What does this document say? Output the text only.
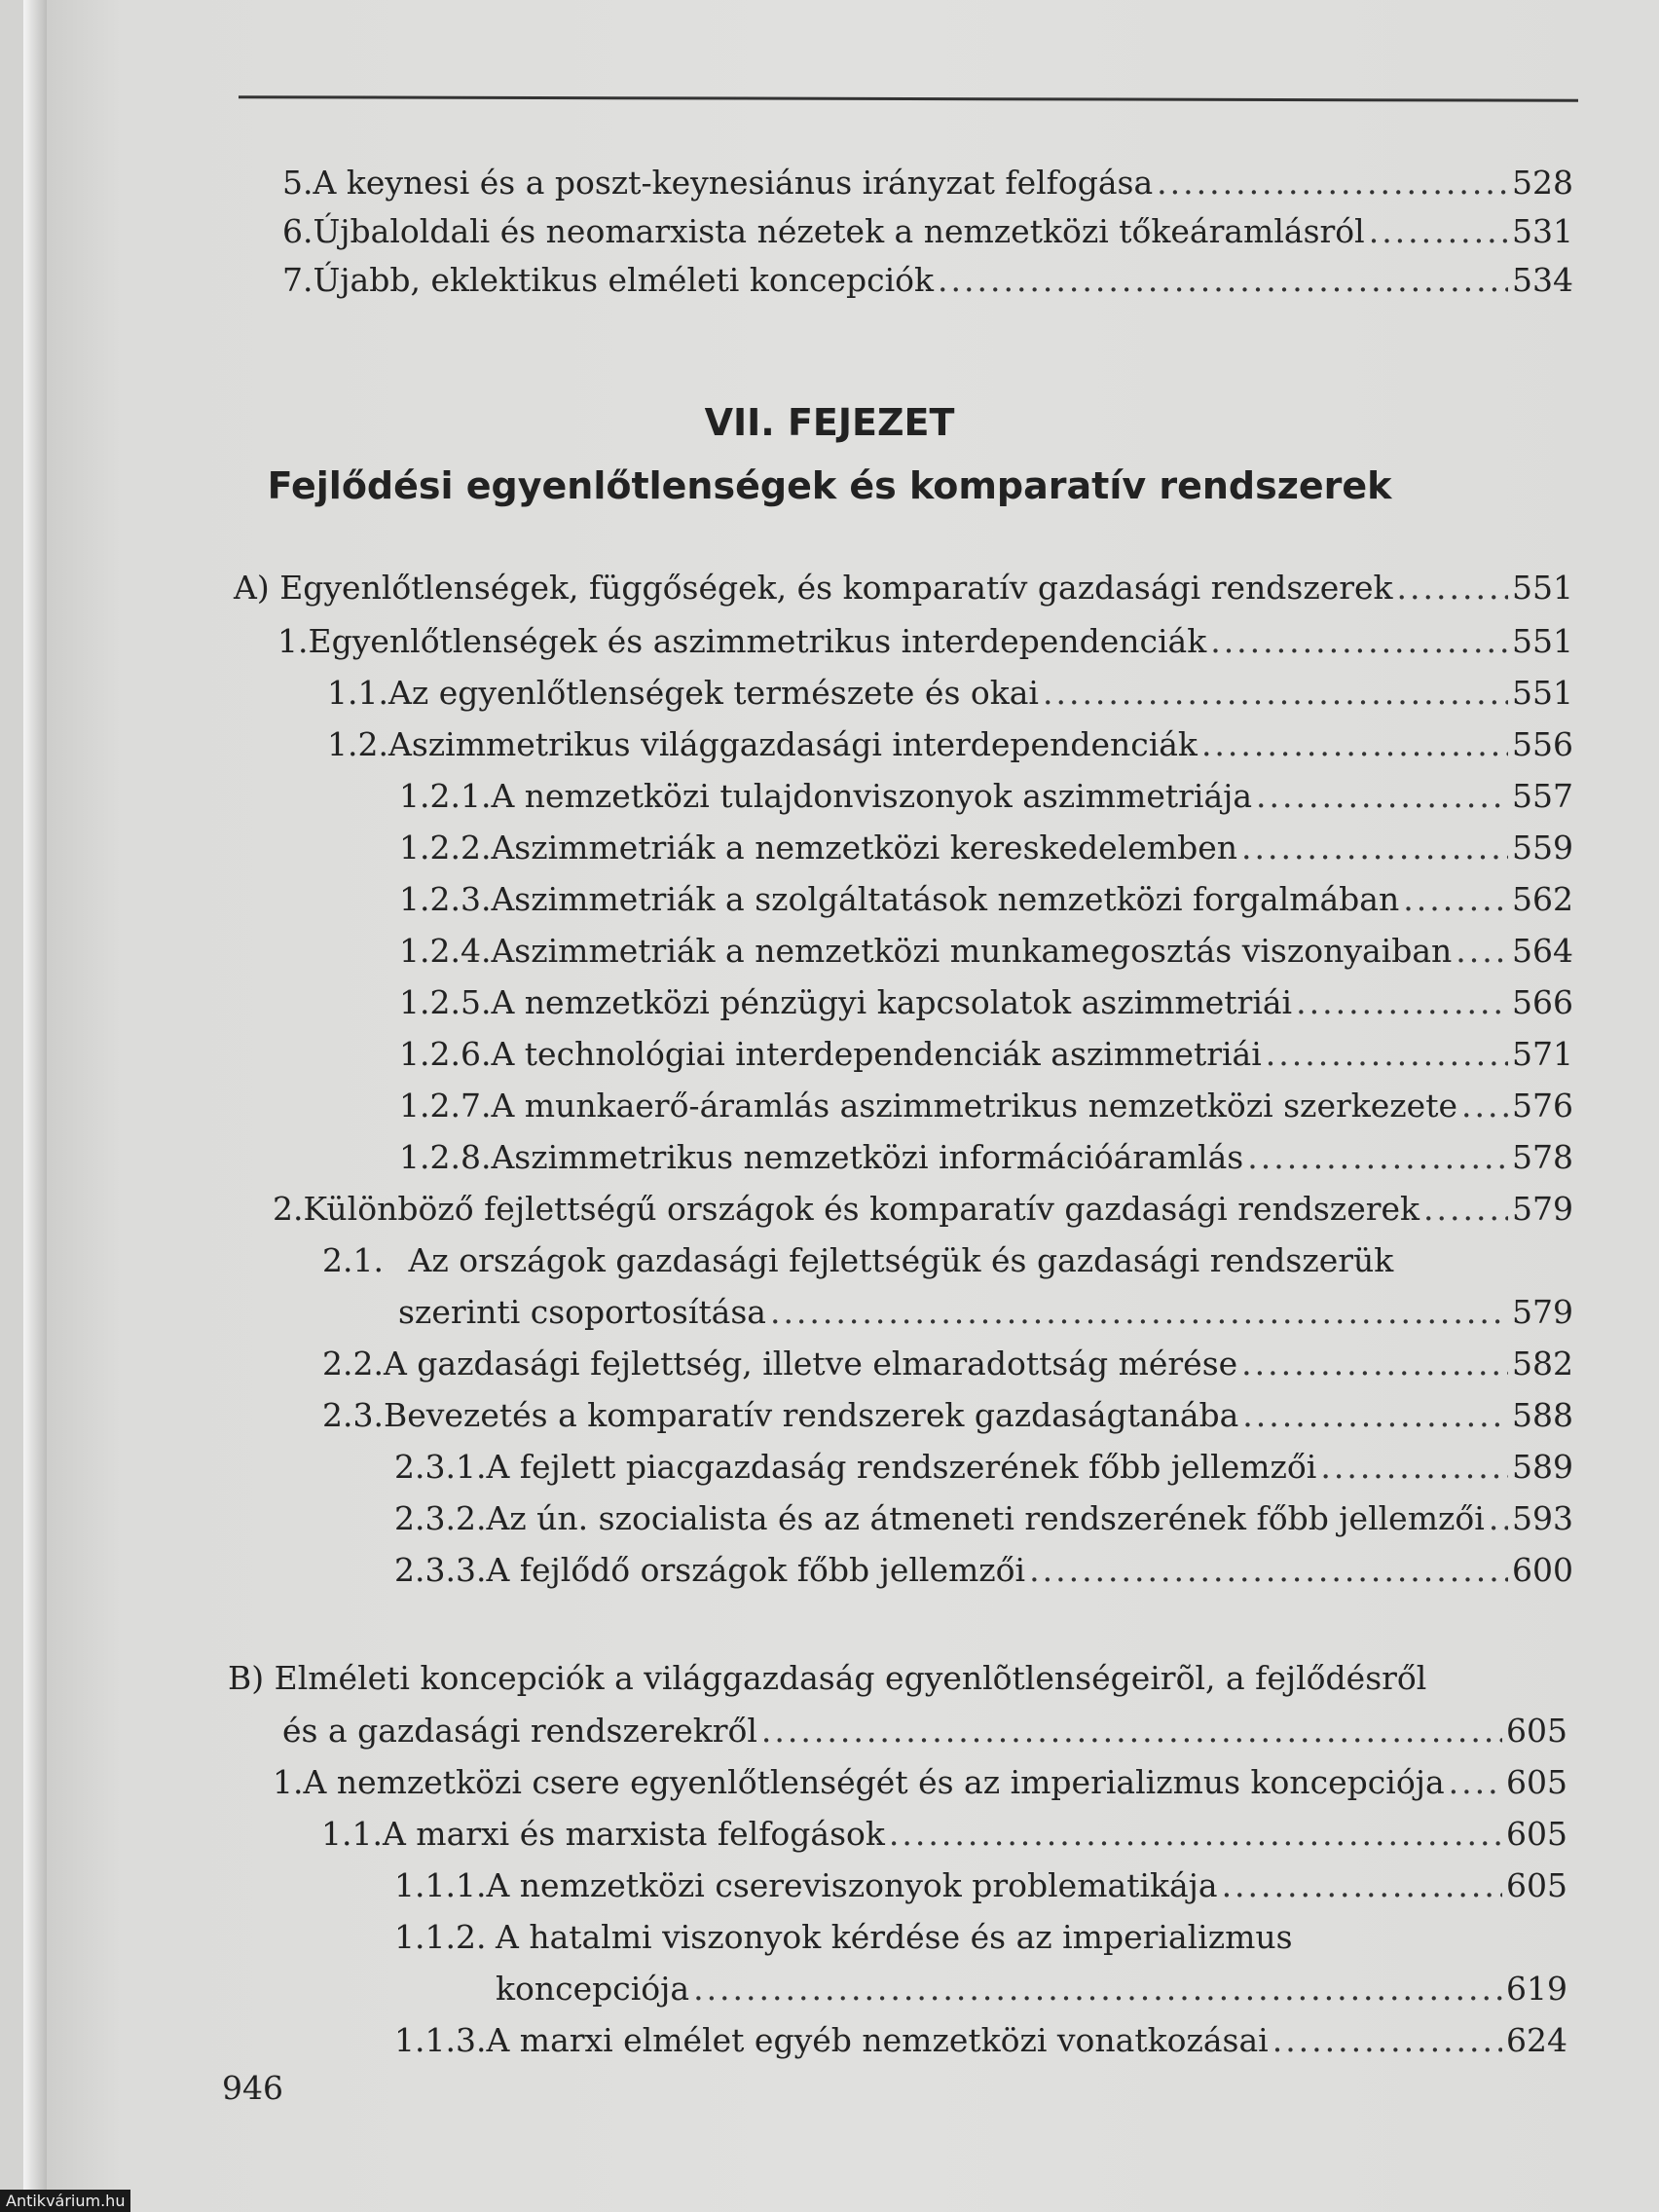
5. A keynesi és a poszt-keynesiánus irányzat felfogása .....	528
6. Újbaloldali és neomarxista nézetek a nemzetközi tőkeáramlásról .....	531
7. Újabb, eklektikus elméleti koncepciók .....	534
VII. FEJEZET
Fejlődési egyenlőtlenségek és komparatív rendszerek
A) Egyenlőtlenségek, függőségek, és komparatív gazdasági rendszerek .....	551
1. Egyenlőtlenségek és aszimmetrikus interdependenciák .....	551
1.1. Az egyenlőtlenségek természete és okai .....	551
1.2. Aszimmetrikus világgazdasági interdependenciák .....	556
1.2.1. A nemzetközi tulajdonviszonyok aszimmetriája .....	557
1.2.2. Aszimmetriák a nemzetközi kereskedelemben .....	559
1.2.3. Aszimmetriák a szolgáltatások nemzetközi forgalmában .....	562
1.2.4. Aszimmetriák a nemzetközi munkamegosztás viszonyaiban ..... 564
1.2.5. A nemzetközi pénzügyi kapcsolatok aszimmetriái .....	566
1.2.6. A technológiai interdependenciák aszimmetriái .....	571
1.2.7. A munkaerő-áramlás aszimmetrikus nemzetközi szerkezete ..... 576
1.2.8. Aszimmetrikus nemzetközi információáramlás .....	578
2. Különböző fejlettségű országok és komparatív gazdasági rendszerek .....	579
2.1. Az országok gazdasági fejlettségük és gazdasági rendszerük
szerinti csoportosítása .....	579
2.2. A gazdasági fejlettség, illetve elmaradottság mérése .....	582
2.3. Bevezetés a komparatív rendszerek gazdaságtanába .....	588
2.3.1. A fejlett piacgazdaság rendszerének főbb jellemzői .....	589
2.3.2. Az ún. szocialista és az átmeneti rendszerének főbb jellemzői ..... 593
2.3.3. A fejlődő országok főbb jellemzői .....	600
B) Elméleti koncepciók a világgazdaság egyenlõtlenségeirõl, a fejlődésről
és a gazdasági rendszerekről .....	605
1. A nemzetközi csere egyenlőtlenségét és az imperializmus koncepciója ..... 605
1.1. A marxi és marxista felfogások .....	605
1.1.1. A nemzetközi csereviszonyok problematikája .....	605
1.1.2. A hatalmi viszonyok kérdése és az imperializmus
koncepciója .....	619
1.1.3. A marxi elmélet egyéb nemzetközi vonatkozásai .....	624
946
Antikvárium.hu
